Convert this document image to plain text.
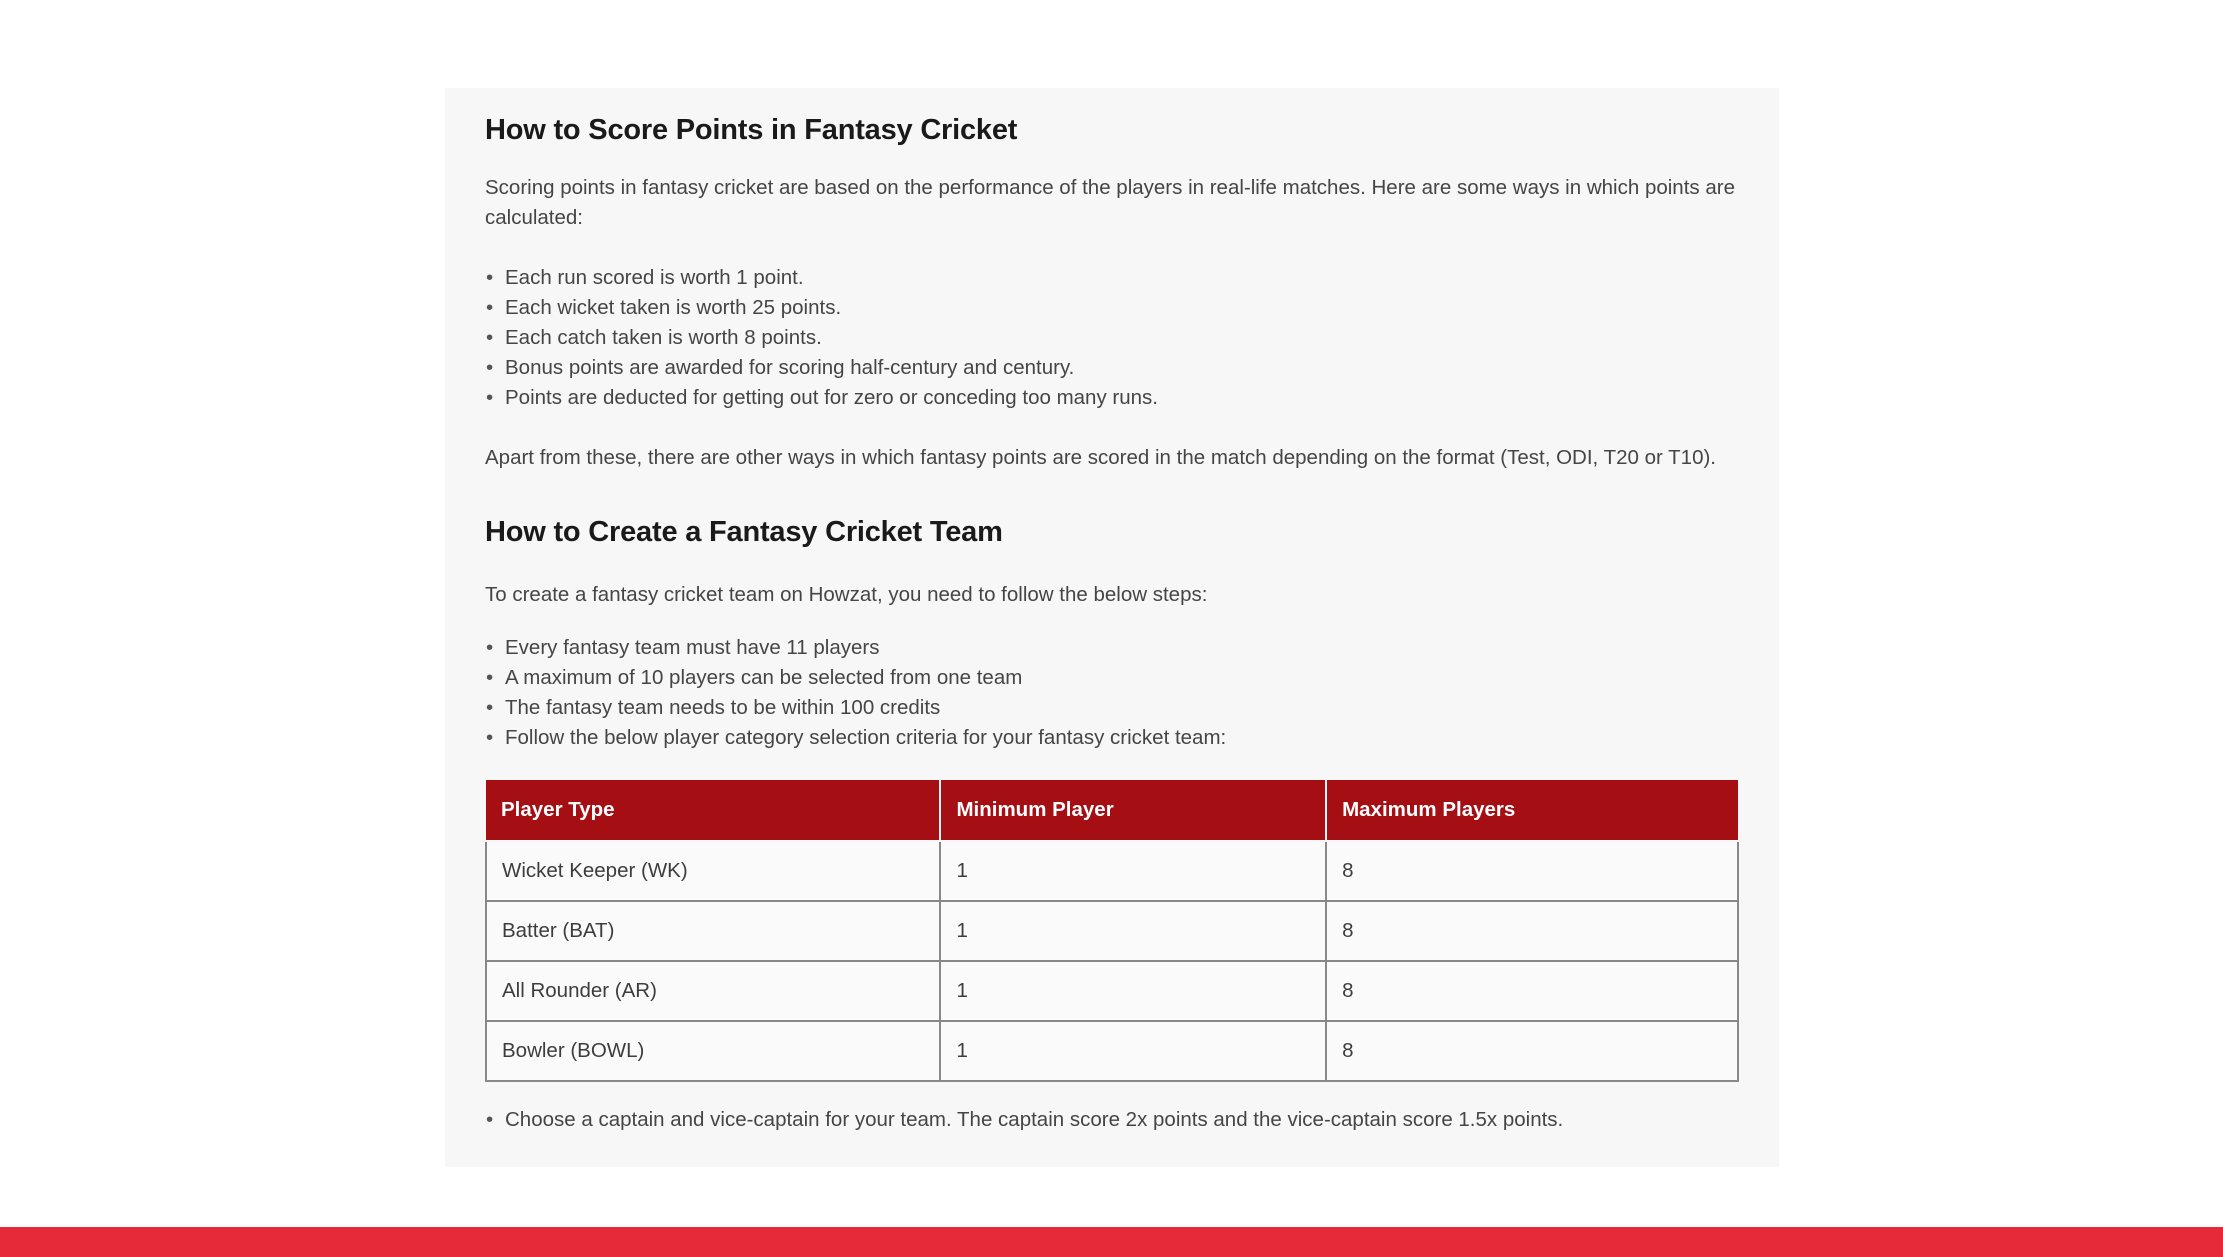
How to Score Points in Fantasy Cricket

Scoring points in fantasy cricket are based on the performance of the players in real-life matches. Here are some ways in which points are calculated:

• Each run scored is worth 1 point.
• Each wicket taken is worth 25 points.
• Each catch taken is worth 8 points.
• Bonus points are awarded for scoring half-century and century.
• Points are deducted for getting out for zero or conceding too many runs.

Apart from these, there are other ways in which fantasy points are scored in the match depending on the format (Test, ODI, T20 or T10).

How to Create a Fantasy Cricket Team

To create a fantasy cricket team on Howzat, you need to follow the below steps:

• Every fantasy team must have 11 players
• A maximum of 10 players can be selected from one team
• The fantasy team needs to be within 100 credits
• Follow the below player category selection criteria for your fantasy cricket team:
Player Type	Minimum Player	Maximum Players
Wicket Keeper (WK)	1	8
Batter (BAT)	1	8
All Rounder (AR)	1	8
Bowler (BOWL)	1	8
• Choose a captain and vice-captain for your team. The captain score 2x points and the vice-captain score 1.5x points.
